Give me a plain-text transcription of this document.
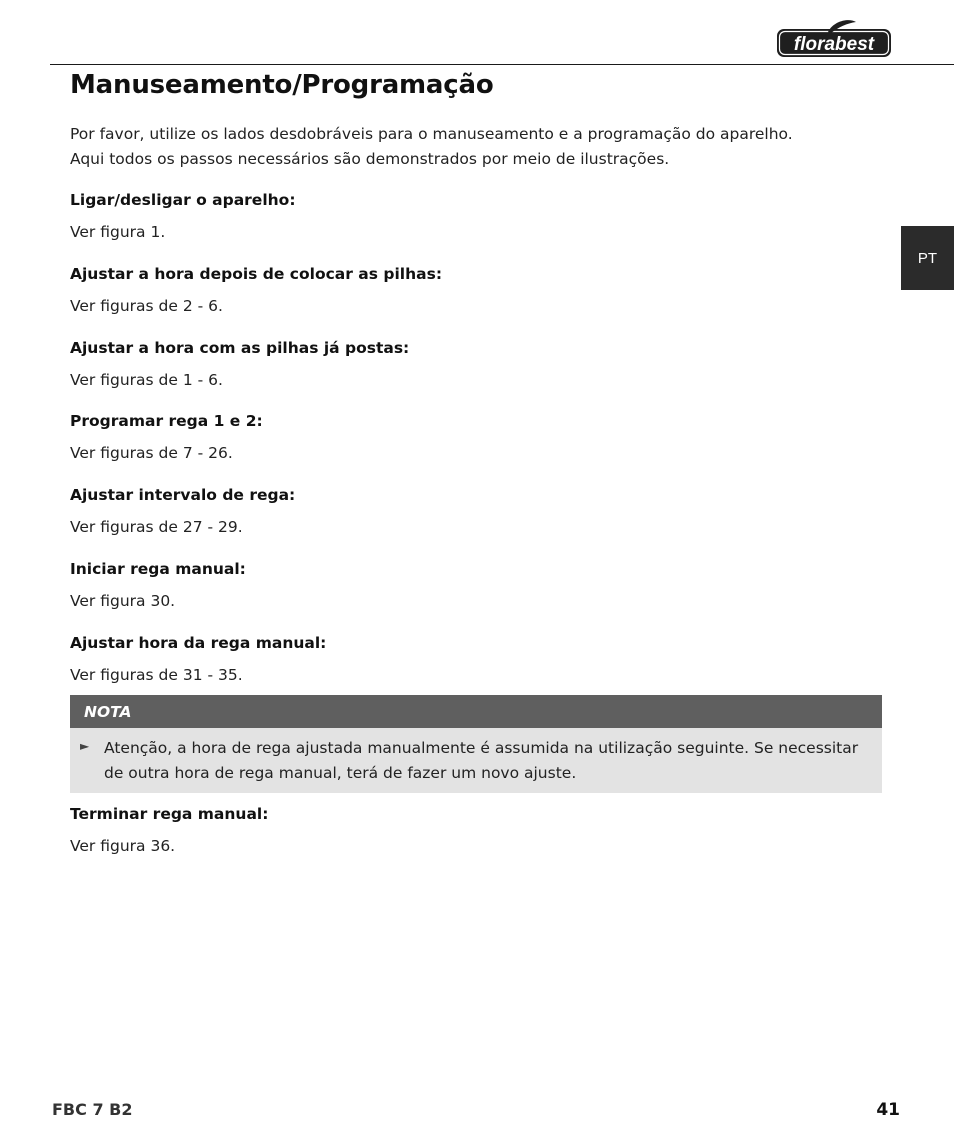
florabest
PT
Manuseamento/Programação

Por favor, utilize os lados desdobráveis para o manuseamento e a programação do aparelho.

Aqui todos os passos necessários são demonstrados por meio de ilustrações.

Ligar/desligar o aparelho:

Ver figura 1.

Ajustar a hora depois de colocar as pilhas:

Ver figuras de 2 - 6.

Ajustar a hora com as pilhas já postas:

Ver figuras de 1 - 6.

Programar rega 1 e 2:

Ver figuras de 7 - 26.

Ajustar intervalo de rega:

Ver figuras de 27 - 29.

Iniciar rega manual:

Ver figura 30.

Ajustar hora da rega manual:

Ver figuras de 31 - 35.

NOTA
► Atenção, a hora de rega ajustada manualmente é assumida na utilização seguinte. Se necessitar de outra hora de rega manual, terá de fazer um novo ajuste.
Terminar rega manual:

Ver figura 36.

FBC 7 B2	41
